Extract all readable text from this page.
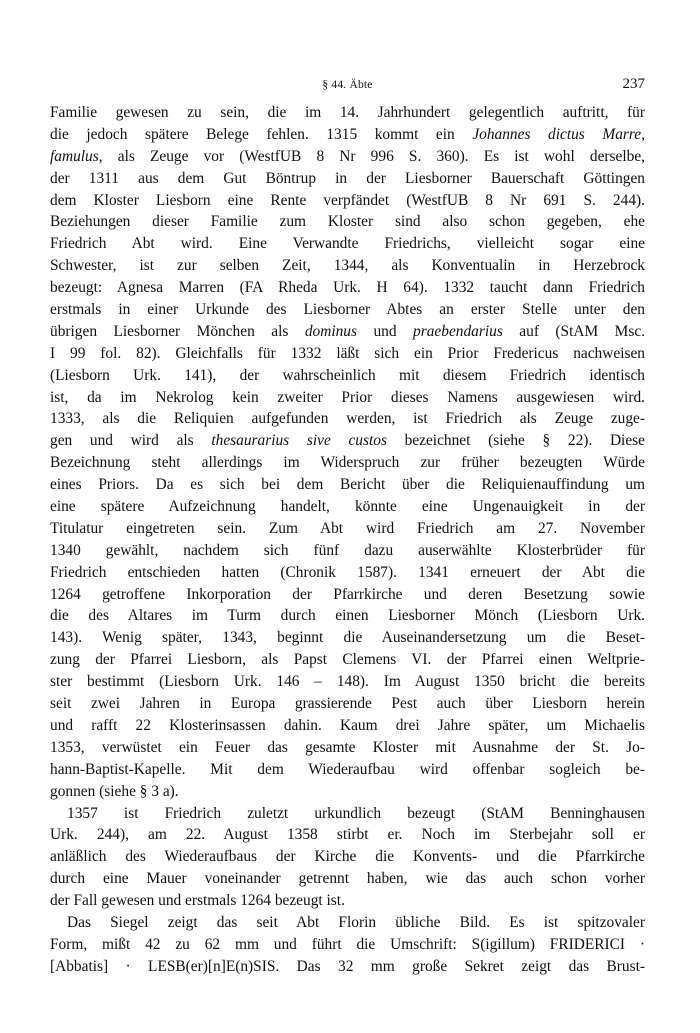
§ 44. Äbte	237
Familie gewesen zu sein, die im 14. Jahrhundert gelegentlich auftritt, für
die jedoch spätere Belege fehlen. 1315 kommt ein Johannes dictus Marre,
famulus, als Zeuge vor (WestfUB 8 Nr 996 S. 360). Es ist wohl derselbe,
der 1311 aus dem Gut Böntrup in der Liesborner Bauerschaft Göttingen
dem Kloster Liesborn eine Rente verpfändet (WestfUB 8 Nr 691 S. 244).
Beziehungen dieser Familie zum Kloster sind also schon gegeben, ehe
Friedrich Abt wird. Eine Verwandte Friedrichs, vielleicht sogar eine
Schwester, ist zur selben Zeit, 1344, als Konventualin in Herzebrock
bezeugt: Agnesa Marren (FA Rheda Urk. H 64). 1332 taucht dann Friedrich
erstmals in einer Urkunde des Liesborner Abtes an erster Stelle unter den
übrigen Liesborner Mönchen als dominus und praebendarius auf (StAM Msc.
I 99 fol. 82). Gleichfalls für 1332 läßt sich ein Prior Fredericus nachweisen
(Liesborn Urk. 141), der wahrscheinlich mit diesem Friedrich identisch
ist, da im Nekrolog kein zweiter Prior dieses Namens ausgewiesen wird.
1333, als die Reliquien aufgefunden werden, ist Friedrich als Zeuge zuge-
gen und wird als thesaurarius sive custos bezeichnet (siehe § 22). Diese
Bezeichnung steht allerdings im Widerspruch zur früher bezeugten Würde
eines Priors. Da es sich bei dem Bericht über die Reliquienauffindung um
eine spätere Aufzeichnung handelt, könnte eine Ungenauigkeit in der
Titulatur eingetreten sein. Zum Abt wird Friedrich am 27. November
1340 gewählt, nachdem sich fünf dazu auserwählte Klosterbrüder für
Friedrich entschieden hatten (Chronik 1587). 1341 erneuert der Abt die
1264 getroffene Inkorporation der Pfarrkirche und deren Besetzung sowie
die des Altares im Turm durch einen Liesborner Mönch (Liesborn Urk.
143). Wenig später, 1343, beginnt die Auseinandersetzung um die Beset-
zung der Pfarrei Liesborn, als Papst Clemens VI. der Pfarrei einen Weltprie-
ster bestimmt (Liesborn Urk. 146 – 148). Im August 1350 bricht die bereits
seit zwei Jahren in Europa grassierende Pest auch über Liesborn herein
und rafft 22 Klosterinsassen dahin. Kaum drei Jahre später, um Michaelis
1353, verwüstet ein Feuer das gesamte Kloster mit Ausnahme der St. Jo-
hann-Baptist-Kapelle. Mit dem Wiederaufbau wird offenbar sogleich be-
gonnen (siehe § 3 a).
1357 ist Friedrich zuletzt urkundlich bezeugt (StAM Benninghausen
Urk. 244), am 22. August 1358 stirbt er. Noch im Sterbejahr soll er
anläßlich des Wiederaufbaus der Kirche die Konvents- und die Pfarrkirche
durch eine Mauer voneinander getrennt haben, wie das auch schon vorher
der Fall gewesen und erstmals 1264 bezeugt ist.
Das Siegel zeigt das seit Abt Florin übliche Bild. Es ist spitzovaler
Form, mißt 42 zu 62 mm und führt die Umschrift: S(igillum) FRIDERICI ·
[Abbatis] · LESB(er)[n]E(n)SIS. Das 32 mm große Sekret zeigt das Brust-
